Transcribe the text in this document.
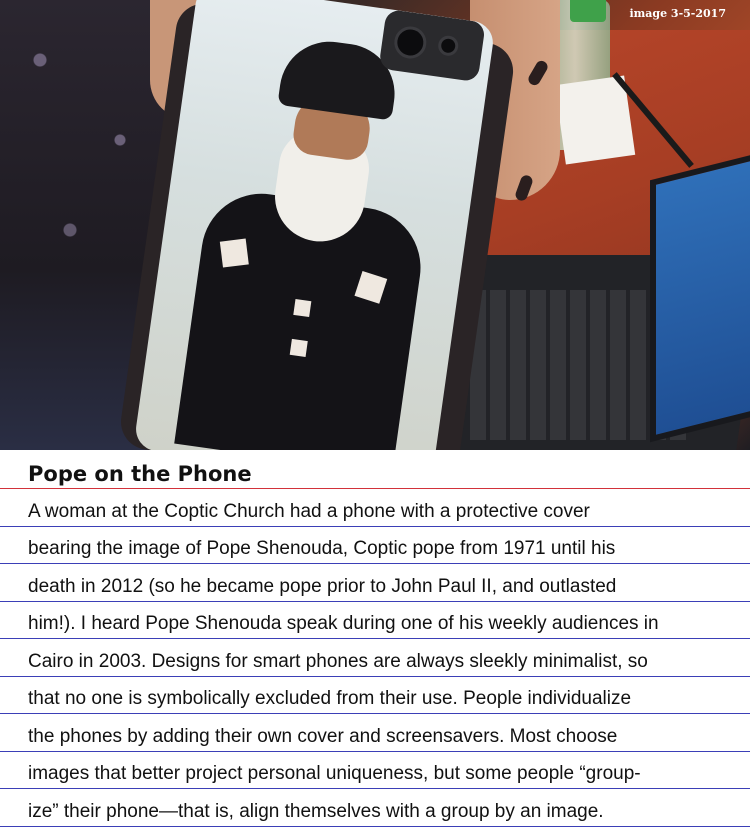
image 3-5-2017
Pope on the Phone
A woman at the Coptic Church had a phone with a protective cover
bearing the image of Pope Shenouda, Coptic pope from 1971 until his
death in 2012 (so he became pope prior to John Paul II, and outlasted
him!). I heard Pope Shenouda speak during one of his weekly audiences in
Cairo in 2003. Designs for smart phones are always sleekly minimalist, so
that no one is symbolically excluded from their use. People individualize
the phones by adding their own cover and screensavers. Most choose
images that better project personal uniqueness, but some people “group-
ize” their phone—that is, align themselves with a group by an image.
